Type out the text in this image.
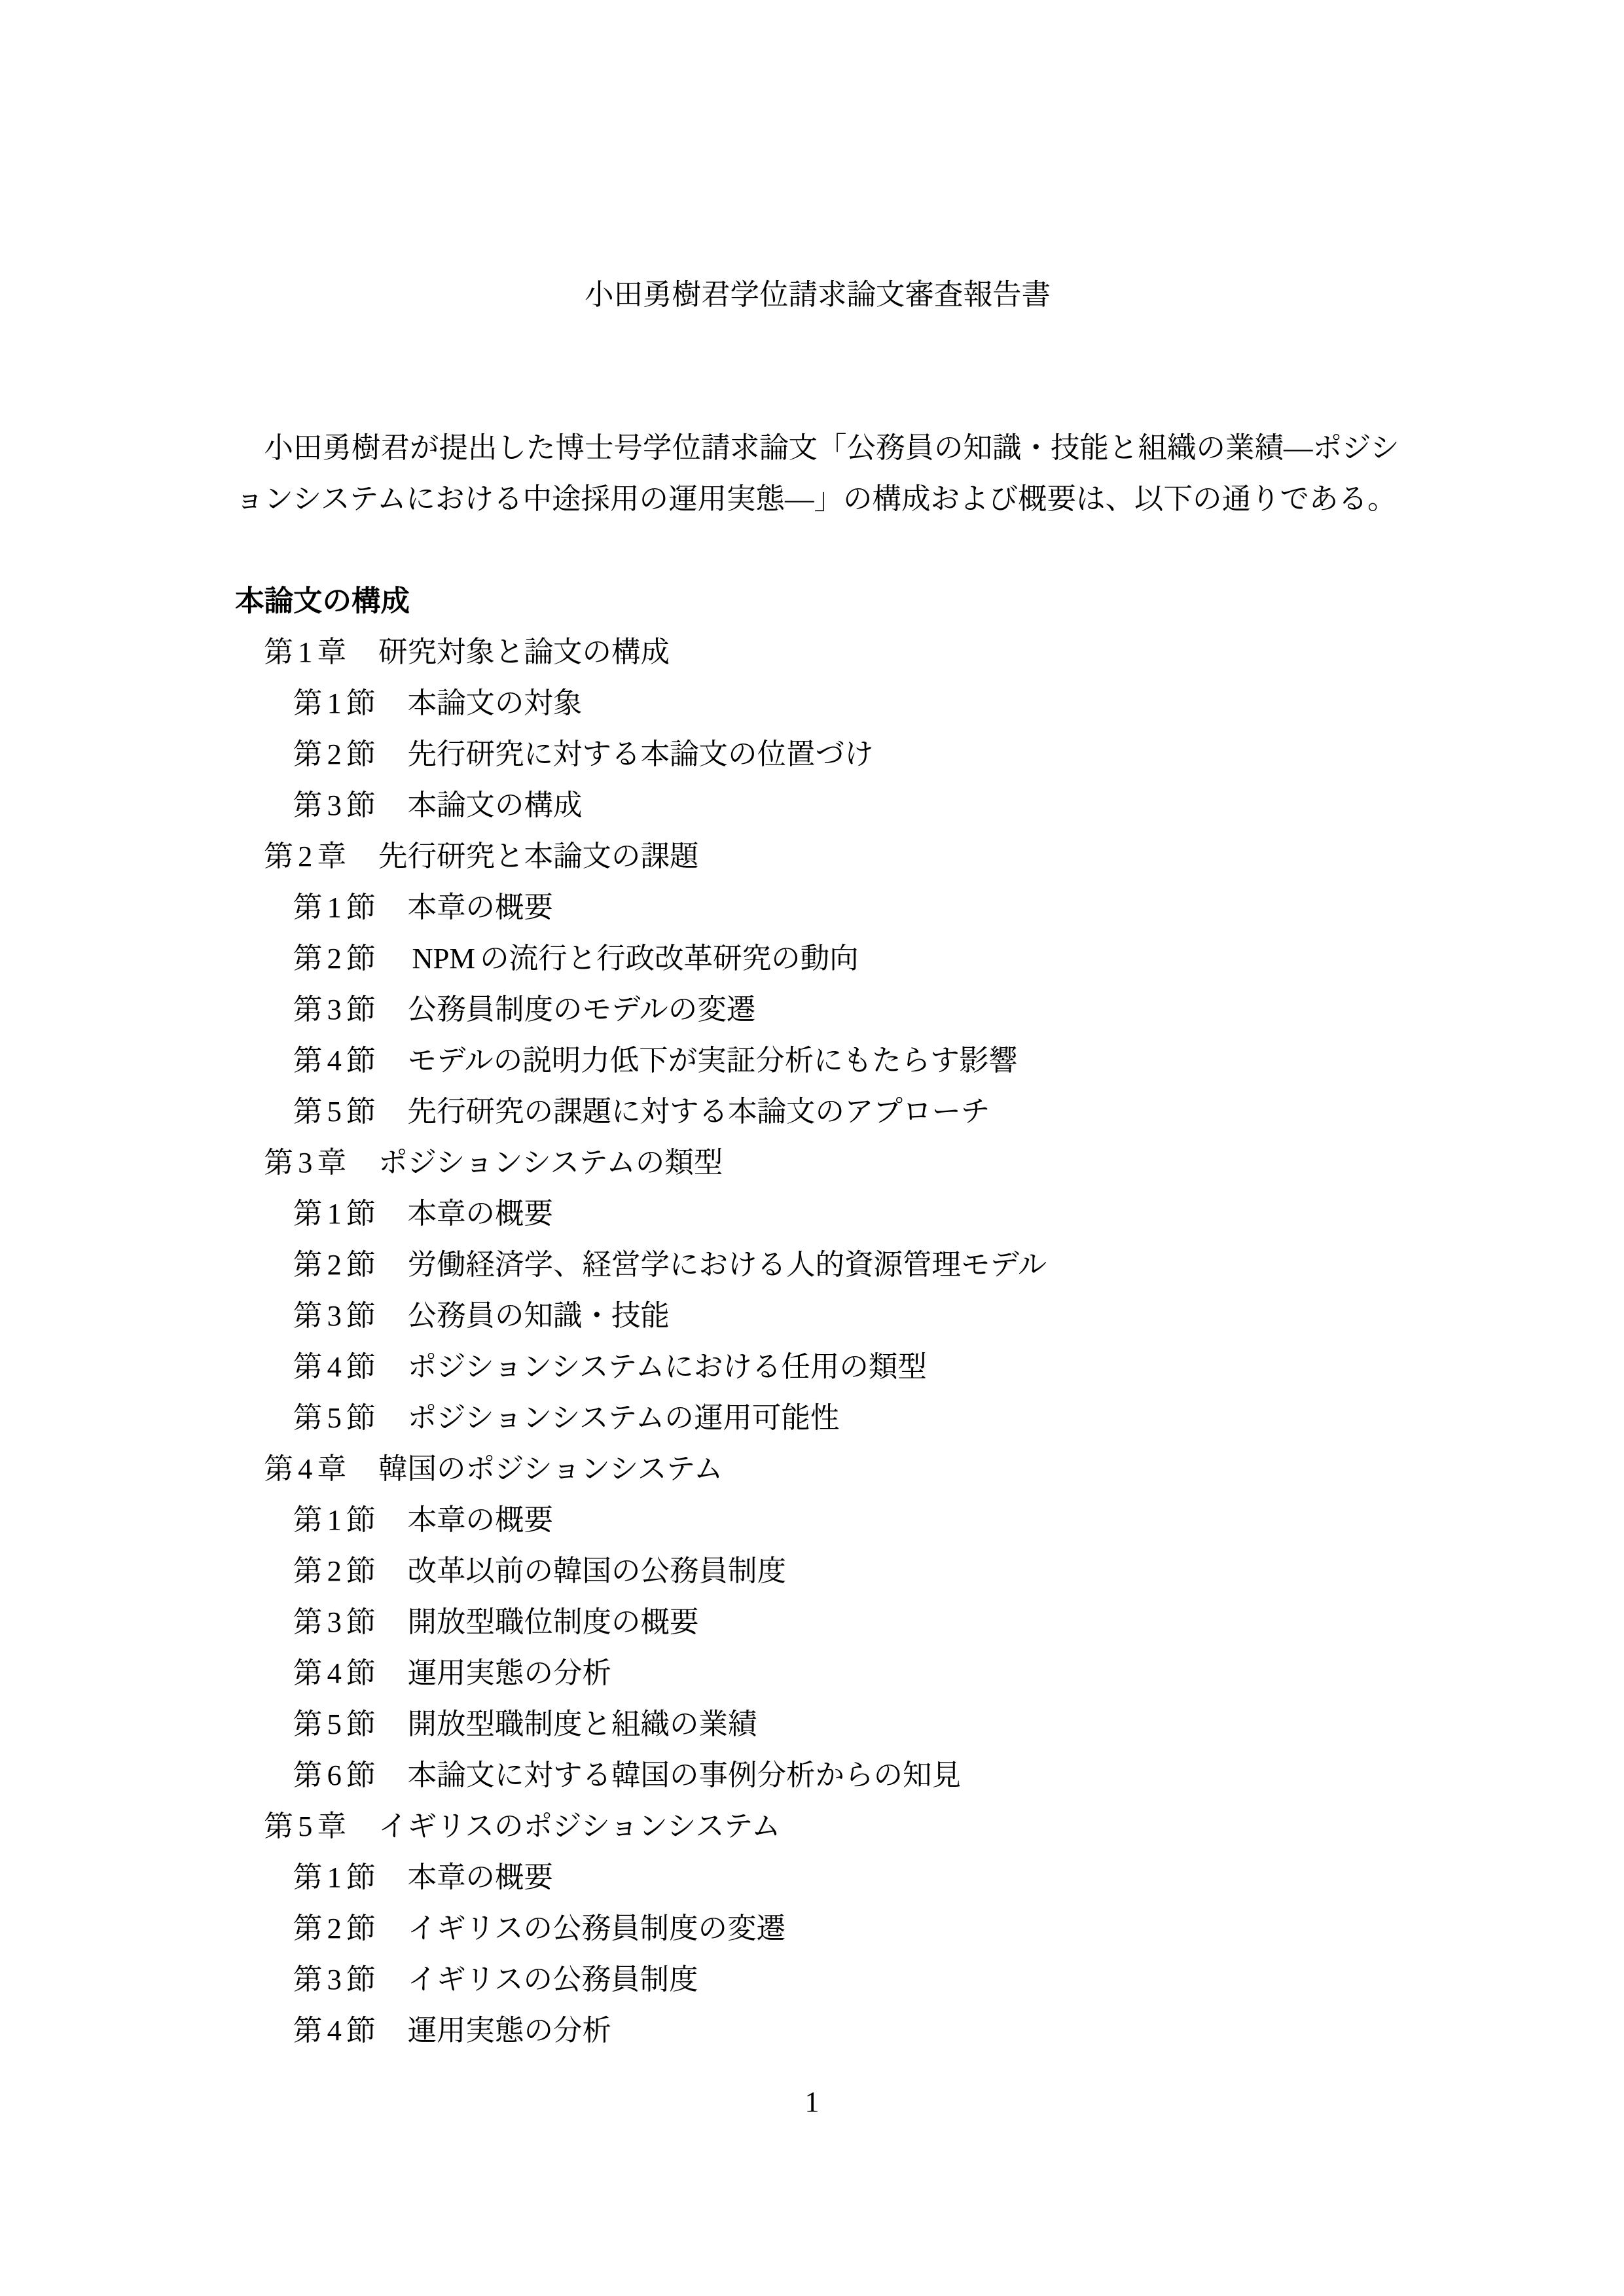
小田勇樹君学位請求論文審査報告書
小田勇樹君が提出した博士号学位請求論文「公務員の知識・技能と組織の業績―ポジシ
ョンシステムにおける中途採用の運用実態―」の構成および概要は、以下の通りである。
本論文の構成
第 1 章 研究対象と論文の構成
第 1 節 本論文の対象
第 2 節 先行研究に対する本論文の位置づけ
第 3 節 本論文の構成
第 2 章 先行研究と本論文の課題
第 1 節 本章の概要
第 2 節 NPM の流行と行政改革研究の動向
第 3 節 公務員制度のモデルの変遷
第 4 節 モデルの説明力低下が実証分析にもたらす影響
第 5 節 先行研究の課題に対する本論文のアプローチ
第 3 章 ポジションシステムの類型
第 1 節 本章の概要
第 2 節 労働経済学、経営学における人的資源管理モデル
第 3 節 公務員の知識・技能
第 4 節 ポジションシステムにおける任用の類型
第 5 節 ポジションシステムの運用可能性
第 4 章 韓国のポジションシステム
第 1 節 本章の概要
第 2 節 改革以前の韓国の公務員制度
第 3 節 開放型職位制度の概要
第 4 節 運用実態の分析
第 5 節 開放型職制度と組織の業績
第 6 節 本論文に対する韓国の事例分析からの知見
第 5 章 イギリスのポジションシステム
第 1 節 本章の概要
第 2 節 イギリスの公務員制度の変遷
第 3 節 イギリスの公務員制度
第 4 節 運用実態の分析
1
